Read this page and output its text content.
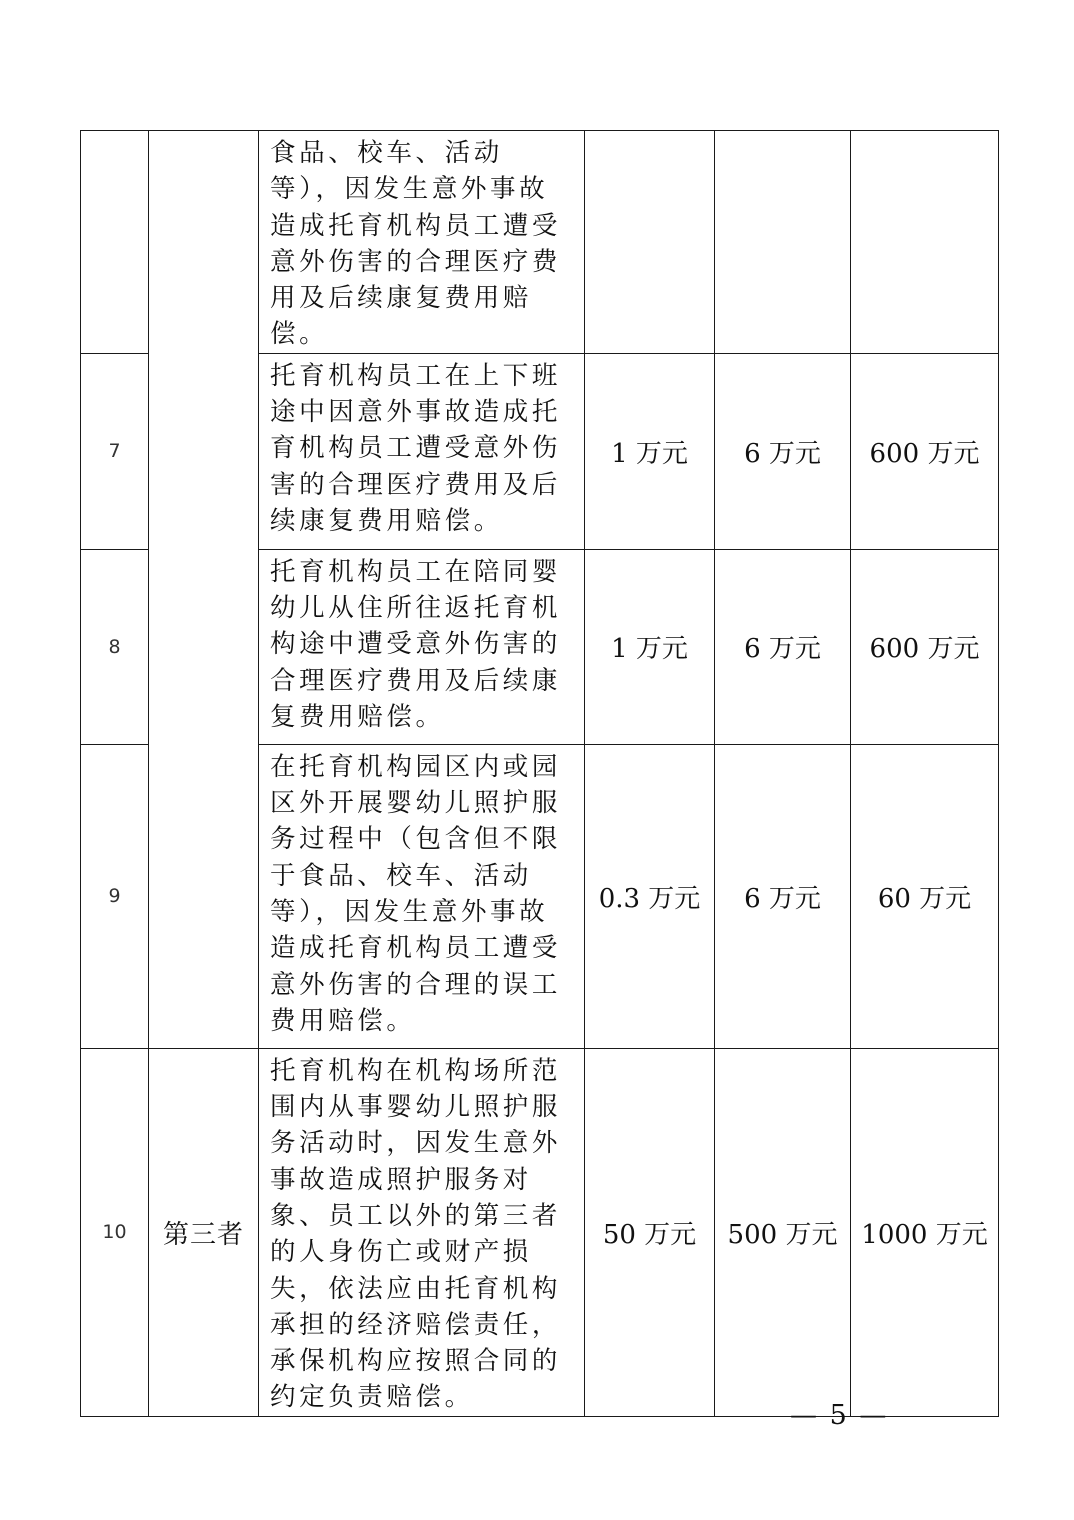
		食品、校车、活动等），因发生意外事故造成托育机构员工遭受意外伤害的合理医疗费用及后续康复费用赔偿。			

7		托育机构员工在上下班途中因意外事故造成托育机构员工遭受意外伤害的合理医疗费用及后续康复费用赔偿。	1 万元	6 万元	600 万元
8		托育机构员工在陪同婴幼儿从住所往返托育机构途中遭受意外伤害的合理医疗费用及后续康复费用赔偿。	1 万元	6 万元	600 万元
9		在托育机构园区内或园区外开展婴幼儿照护服务过程中（包含但不限于食品、校车、活动等），因发生意外事故造成托育机构员工遭受意外伤害的合理的误工费用赔偿。	0.3 万元	6 万元	60 万元
10	第三者	托育机构在机构场所范围内从事婴幼儿照护服务活动时，因发生意外事故造成照护服务对象、员工以外的第三者的人身伤亡或财产损失，依法应由托育机构承担的经济赔偿责任，承保机构应按照合同的约定负责赔偿。	50 万元	500 万元	1000 万元
— 5 —
